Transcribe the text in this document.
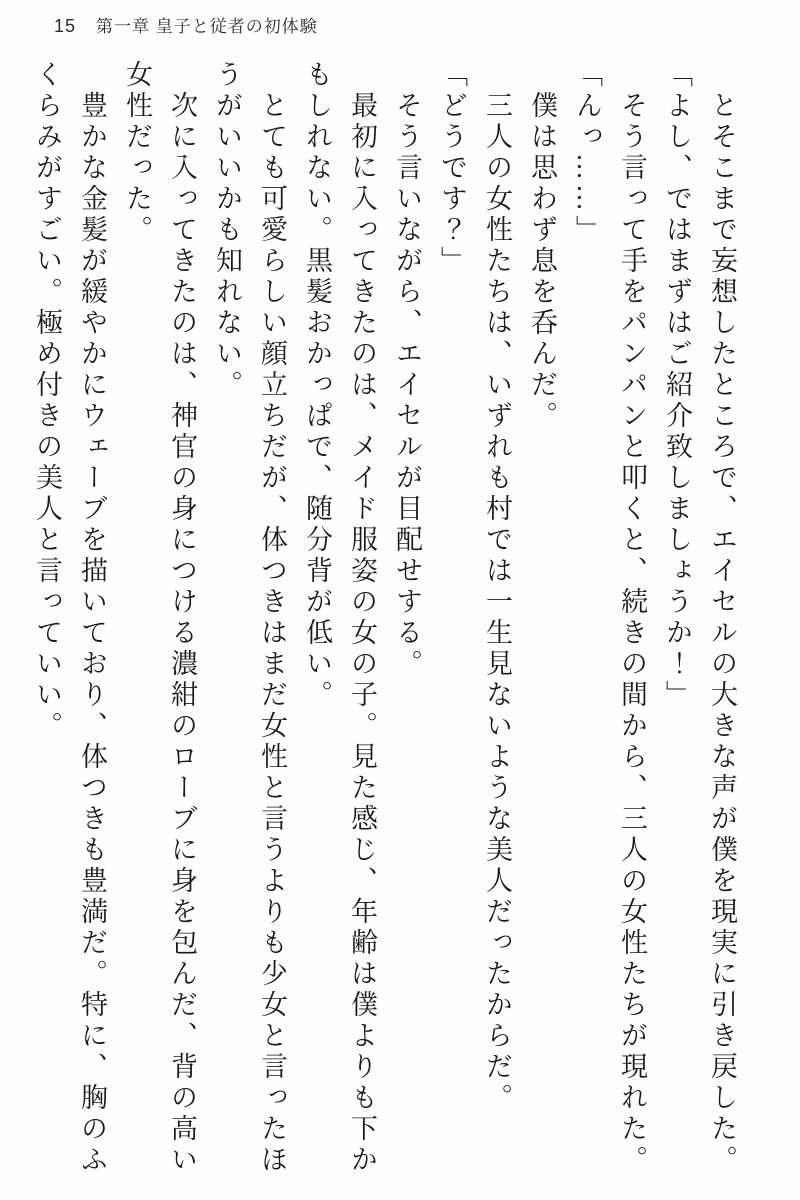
15 第一章 皇子と従者の初体験

　とそこまで妄想したところで、エイセルの大きな声が僕を現実に引き戻した。

「よし、ではまずはご紹介致しましょうか！」

　そう言って手をパンパンと叩くと、続きの間から、三人の女性たちが現れた。

「んっ……」

　僕は思わず息を呑んだ。

　三人の女性たちは、いずれも村では一生見ないような美人だったからだ。

「どうです？」

　そう言いながら、エイセルが目配せする。

　最初に入ってきたのは、メイド服姿の女の子。見た感じ、年齢は僕よりも下かもしれない。黒髪おかっぱで、随分背が低い。

　とても可愛らしい顔立ちだが、体つきはまだ女性と言うよりも少女と言ったほうがいいかも知れない。

　次に入ってきたのは、神官の身につける濃紺のローブに身を包んだ、背の高い女性だった。

　豊かな金髪が緩やかにウェーブを描いており、体つきも豊満だ。特に、胸のふくらみがすごい。極め付きの美人と言っていい。
